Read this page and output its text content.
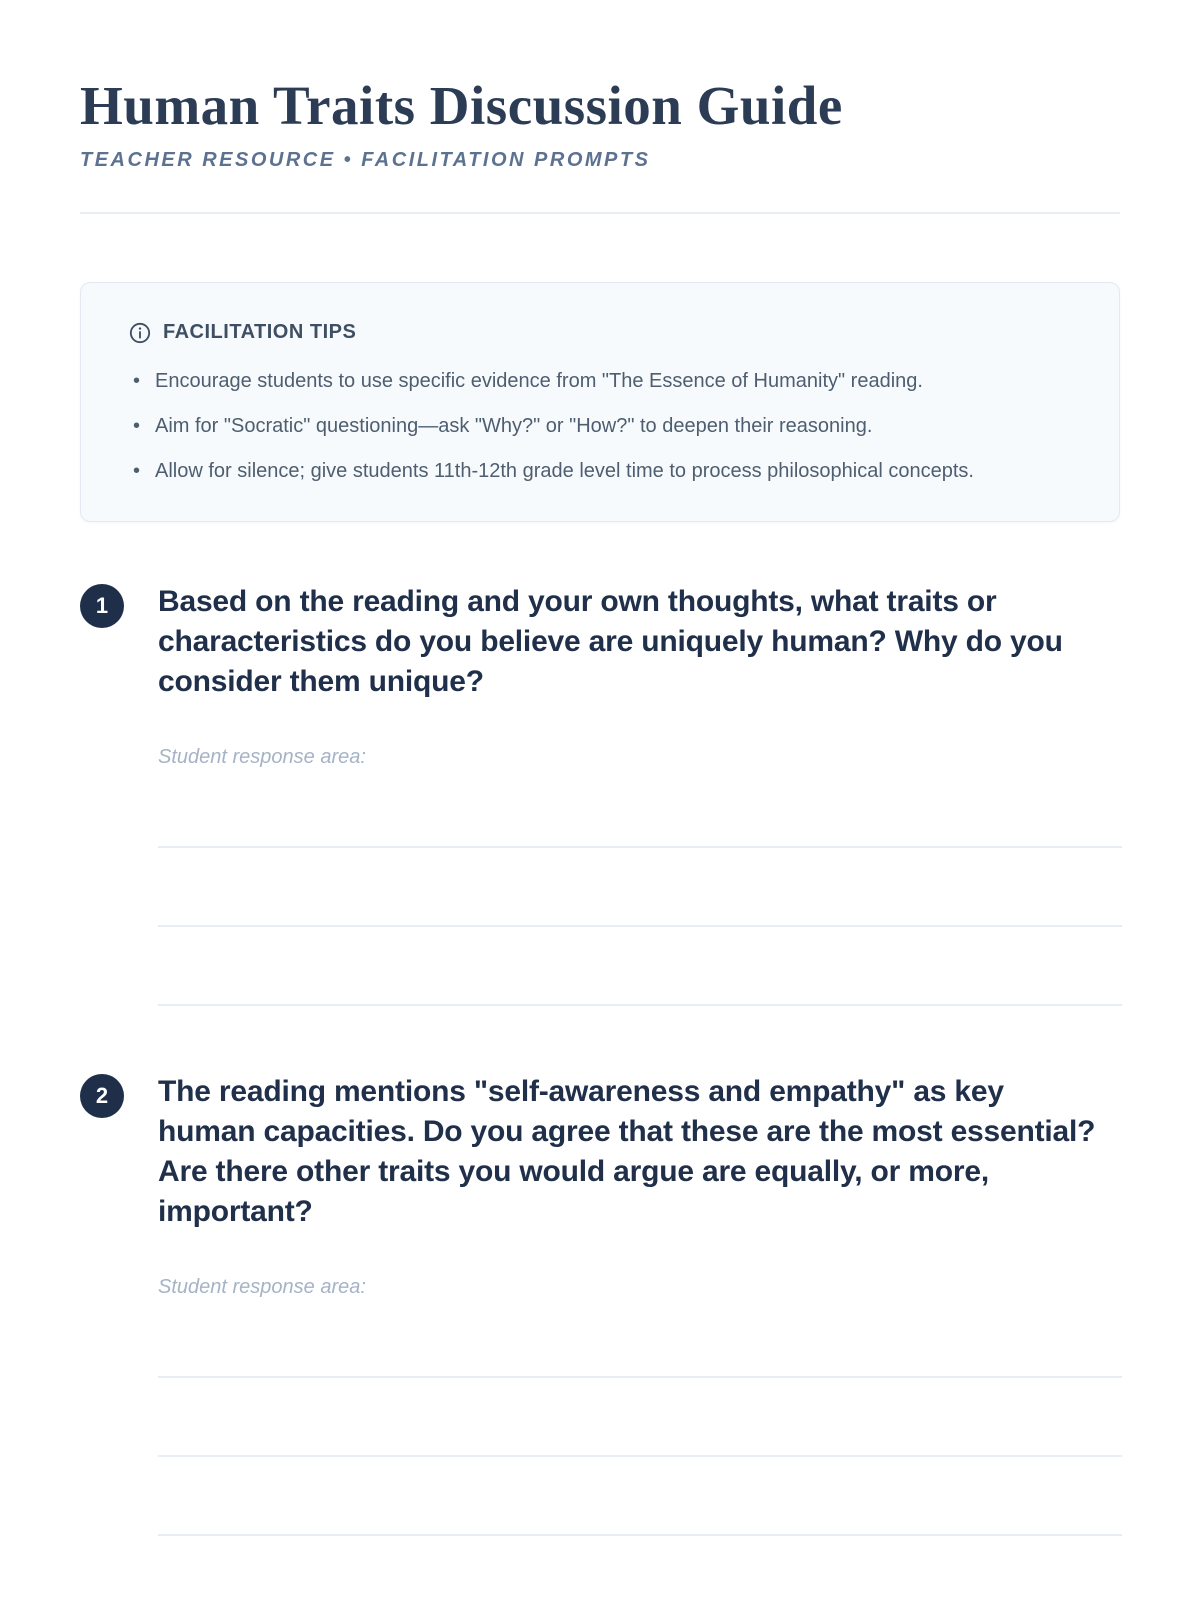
Human Traits Discussion Guide
TEACHER RESOURCE • FACILITATION PROMPTS
FACILITATION TIPS
• Encourage students to use specific evidence from "The Essence of Humanity" reading.
• Aim for "Socratic" questioning—ask "Why?" or "How?" to deepen their reasoning.
• Allow for silence; give students 11th-12th grade level time to process philosophical concepts.
1	Based on the reading and your own thoughts, what traits or characteristics do you believe are uniquely human? Why do you consider them unique?
Student response area:
2	The reading mentions "self-awareness and empathy" as key human capacities. Do you agree that these are the most essential? Are there other traits you would argue are equally, or more, important?
Student response area:
